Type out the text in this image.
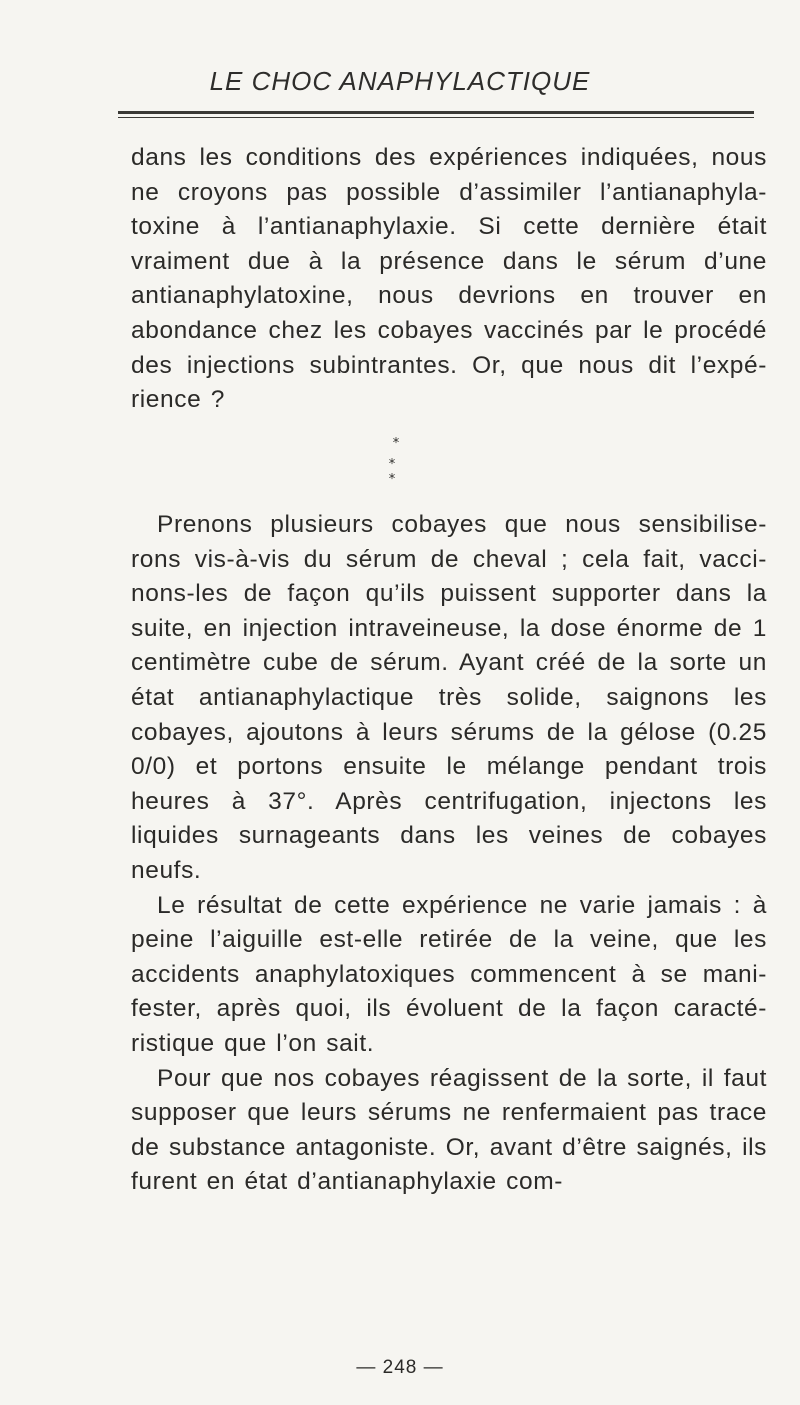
LE CHOC ANAPHYLACTIQUE

dans les conditions des expériences indiquées, nous ne croyons pas possible d’assimiler l’antianaphyla-toxine à l’antianaphylaxie. Si cette dernière était vraiment due à la présence dans le sérum d’une antianaphylatoxine, nous devrions en trouver en abondance chez les cobayes vaccinés par le procédé des injections subintrantes. Or, que nous dit l’expé-rience ?

*
* *

Prenons plusieurs cobayes que nous sensibilise-rons vis-à-vis du sérum de cheval ; cela fait, vacci-nons-les de façon qu’ils puissent supporter dans la suite, en injection intraveineuse, la dose énorme de 1 centimètre cube de sérum. Ayant créé de la sorte un état antianaphylactique très solide, saignons les cobayes, ajoutons à leurs sérums de la gélose (0.25 0/0) et portons ensuite le mélange pendant trois heures à 37°. Après centrifugation, injectons les liquides surnageants dans les veines de cobayes neufs.

Le résultat de cette expérience ne varie jamais : à peine l’aiguille est-elle retirée de la veine, que les accidents anaphylatoxiques commencent à se mani-fester, après quoi, ils évoluent de la façon caracté-ristique que l’on sait.

Pour que nos cobayes réagissent de la sorte, il faut supposer que leurs sérums ne renfermaient pas trace de substance antagoniste. Or, avant d’être saignés, ils furent en état d’antianaphylaxie com-

— 248 —
